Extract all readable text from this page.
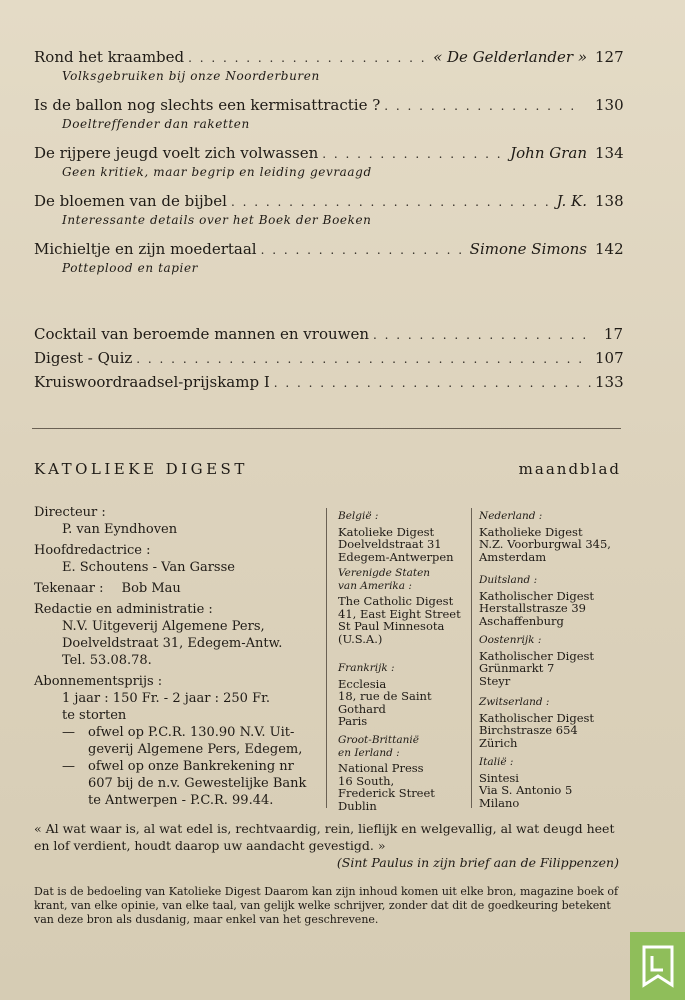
Rond het kraambed . . .	« De Gelderlander » 127
Volksgebruiken bij onze Noorderburen
Is de ballon nog slechts een kermisattractie ? . . .	130
Doeltreffender dan raketten
De rijpere jeugd voelt zich volwassen . . .	John Gran 134
Geen kritiek, maar begrip en leiding gevraagd
De bloemen van de bijbel . . .	J. K. 138
Interessante details over het Boek der Boeken
Michieltje en zijn moedertaal . . .	Simone Simons 142
Potteplood en tapier
Cocktail van beroemde mannen en vrouwen . . .	17
Digest - Quiz . . .	107
Kruiswoordraadsel-prijskamp I . . .	133
KATOLIEKE DIGEST	maandblad
Directeur :
P. van Eyndhoven
Hoofdredactrice :
E. Schoutens - Van Garsse
Tekenaar : Bob Mau
Redactie en administratie :
N.V. Uitgeverij Algemene Pers,
Doelveldstraat 31, Edegem-Antw.
Tel. 53.08.78.
Abonnementsprijs :
1 jaar : 150 Fr. - 2 jaar : 250 Fr.
te storten
—	ofwel op P.C.R. 130.90 N.V. Uit-
geverij Algemene Pers, Edegem,
—	ofwel op onze Bankrekening nr
607 bij de n.v. Gewestelijke Bank
te Antwerpen - P.C.R. 99.44.
België :
Katolieke Digest
Doelveldstraat 31
Edegem-Antwerpen
Verenigde Staten van Amerika :
The Catholic Digest
41, East Eight Street
St Paul Minnesota
(U.S.A.)
Frankrijk :
Ecclesia
18, rue de Saint
Gothard
Paris
Groot-Brittanië en Ierland :
National Press
16 South,
Frederick Street
Dublin
Nederland :
Katholieke Digest
N.Z. Voorburgwal 345,
Amsterdam
Duitsland :
Katholischer Digest
Herstallstrasze 39
Aschaffenburg
Oostenrijk :
Katholischer Digest
Grünmarkt 7
Steyr
Zwitserland :
Katholischer Digest
Birchstrasze 654
Zürich
Italië :
Sintesi
Via S. Antonio 5
Milano
« Al wat waar is, al wat edel is, rechtvaardig, rein, lieflijk en welgevallig, al wat deugd heet en lof verdient, houdt daarop uw aandacht gevestigd. »
(Sint Paulus in zijn brief aan de Filippenzen)
Dat is de bedoeling van Katolieke Digest Daarom kan zijn inhoud komen uit elke bron, magazine boek of krant, van elke opinie, van elke taal, van gelijk welke schrijver, zonder dat dit de goedkeuring betekent van deze bron als dusdanig, maar enkel van het geschrevene.
